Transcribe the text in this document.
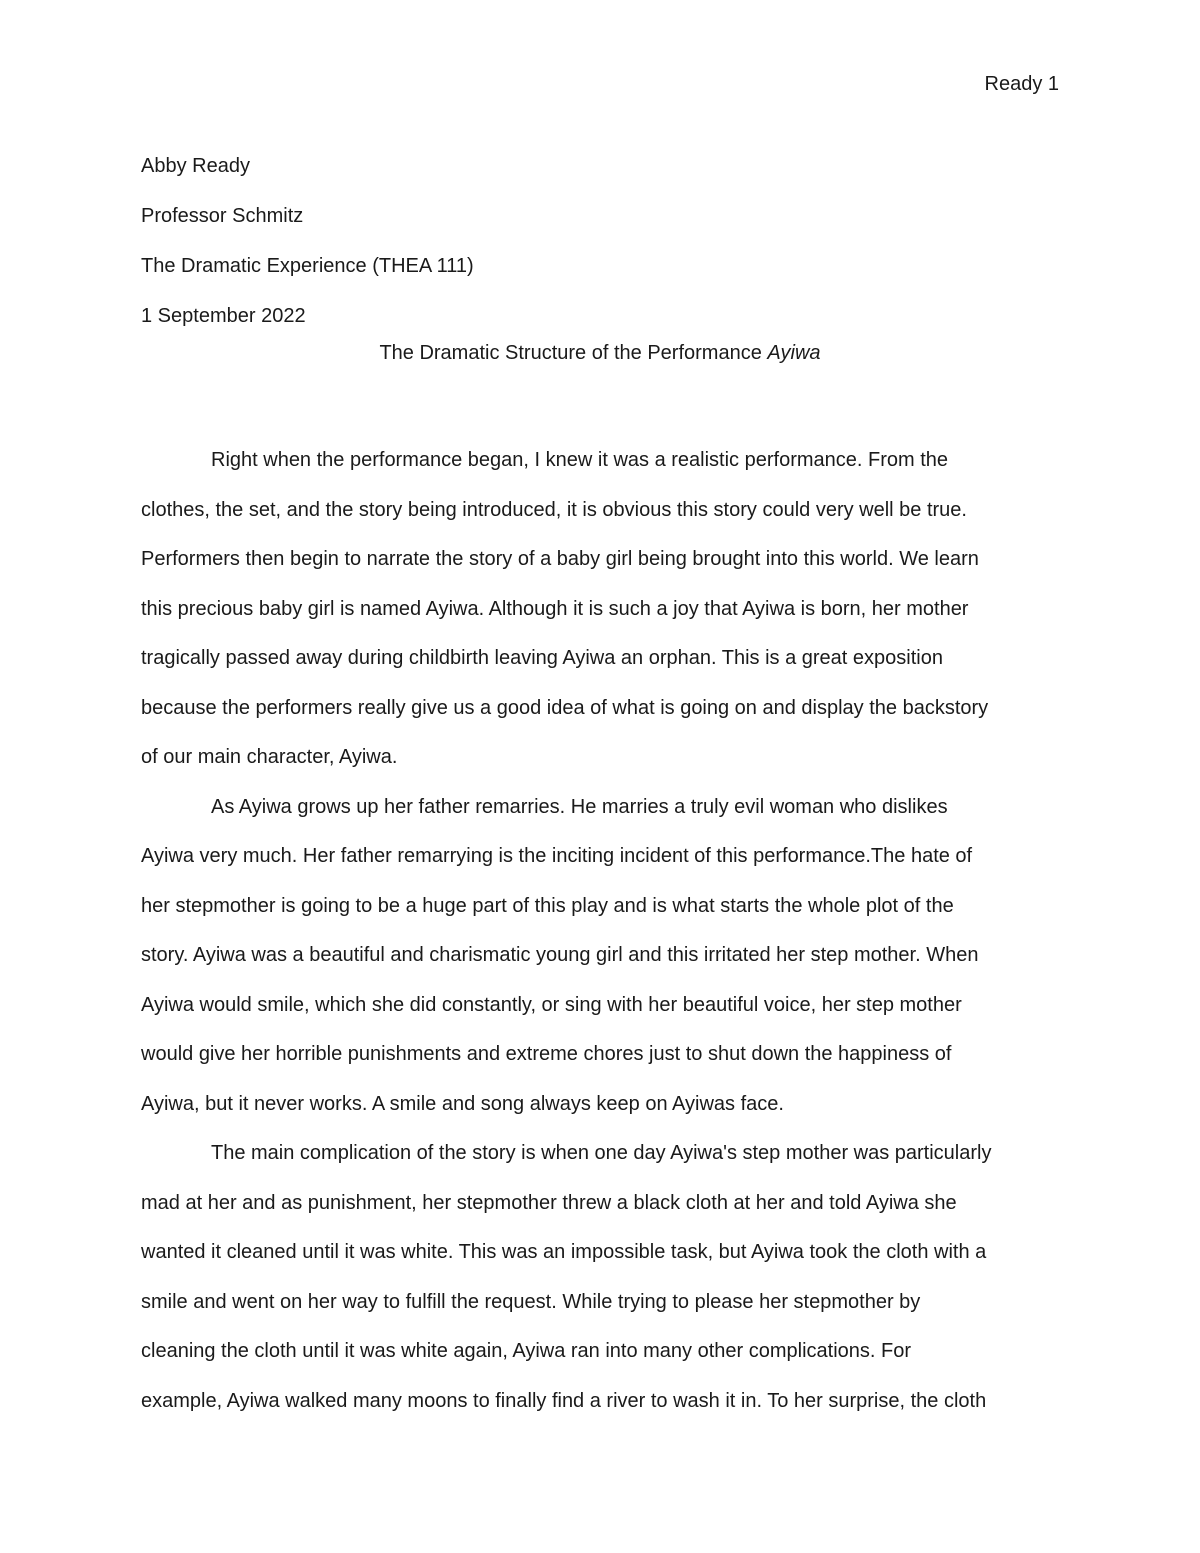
Ready 1
Abby Ready
Professor Schmitz
The Dramatic Experience (THEA 111)
1 September 2022
The Dramatic Structure of the Performance Ayiwa
Right when the performance began, I knew it was a realistic performance. From the
clothes, the set, and the story being introduced, it is obvious this story could very well be true.
Performers then begin to narrate the story of a baby girl being brought into this world. We learn
this precious baby girl is named Ayiwa. Although it is such a joy that Ayiwa is born, her mother
tragically passed away during childbirth leaving Ayiwa an orphan. This is a great exposition
because the performers really give us a good idea of what is going on and display the backstory
of our main character, Ayiwa.
As Ayiwa grows up her father remarries. He marries a truly evil woman who dislikes
Ayiwa very much. Her father remarrying is the inciting incident of this performance.The hate of
her stepmother is going to be a huge part of this play and is what starts the whole plot of the
story. Ayiwa was a beautiful and charismatic young girl and this irritated her step mother. When
Ayiwa would smile, which she did constantly, or sing with her beautiful voice, her step mother
would give her horrible punishments and extreme chores just to shut down the happiness of
Ayiwa, but it never works. A smile and song always keep on Ayiwas face.
The main complication of the story is when one day Ayiwa's step mother was particularly
mad at her and as punishment, her stepmother threw a black cloth at her and told Ayiwa she
wanted it cleaned until it was white. This was an impossible task, but Ayiwa took the cloth with a
smile and went on her way to fulfill the request. While trying to please her stepmother by
cleaning the cloth until it was white again, Ayiwa ran into many other complications. For
example, Ayiwa walked many moons to finally find a river to wash it in. To her surprise, the cloth
